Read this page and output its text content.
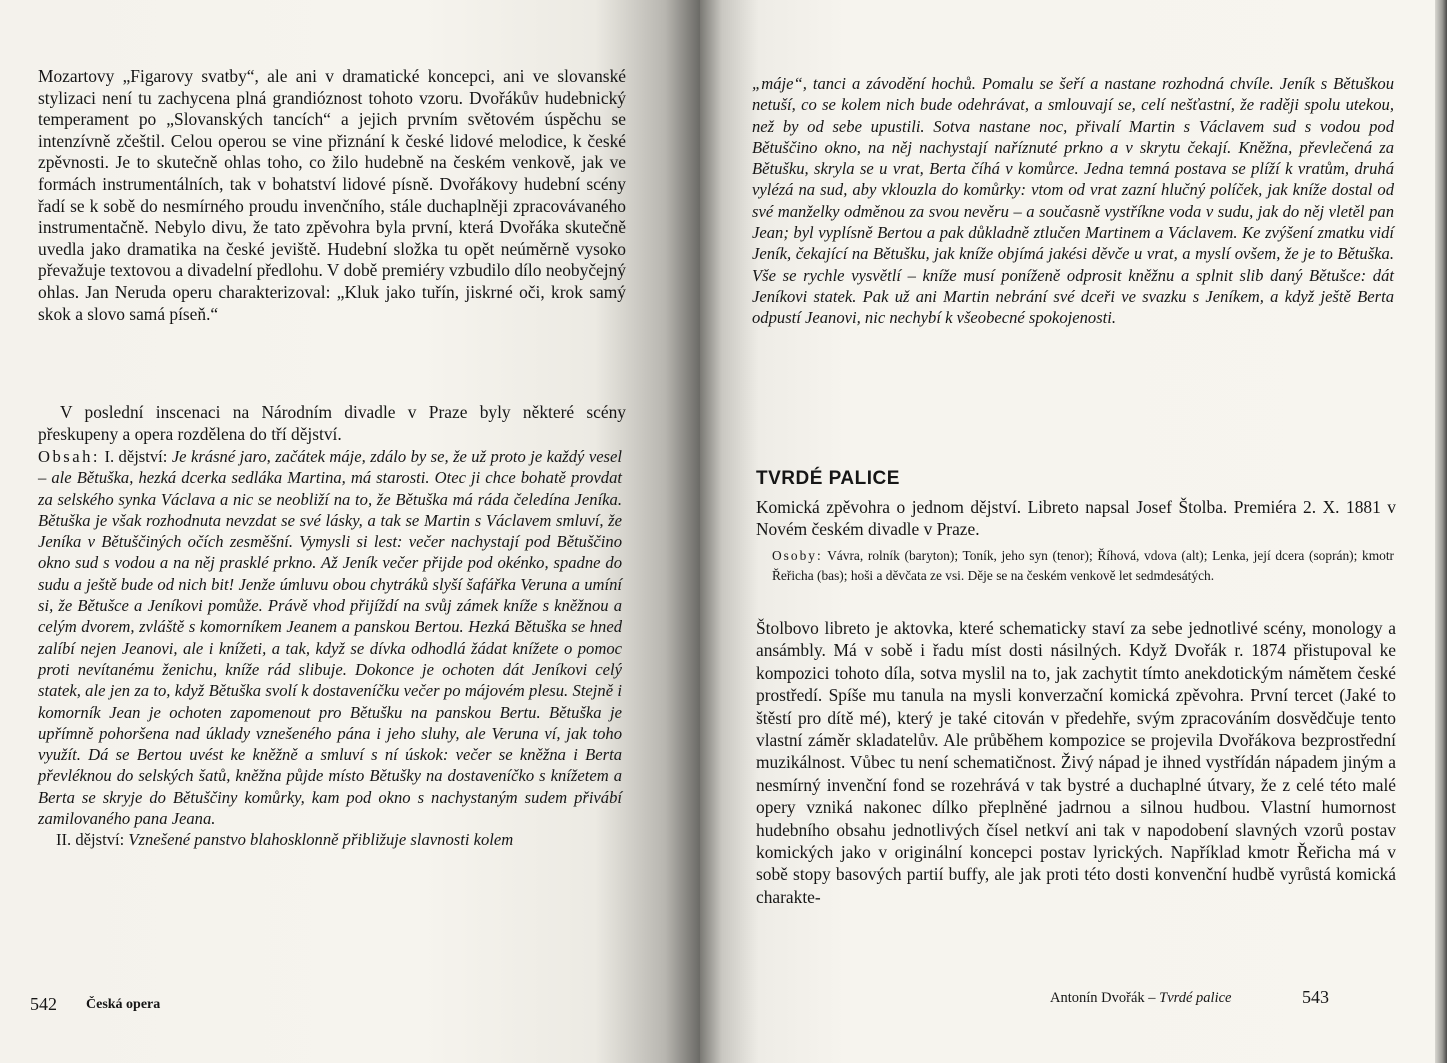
Mozartovy „Figarovy svatby“, ale ani v dramatické koncepci, ani ve slovanské stylizaci není tu zachycena plná grandióznost tohoto vzoru. Dvořákův hudebnický temperament po „Slovanských tancích“ a jejich prvním světovém úspěchu se intenzívně zčeštil. Celou operou se vine přiznání k české lidové melodice, k české zpěvnosti. Je to skutečně ohlas toho, co žilo hudebně na českém venkově, jak ve formách instrumentálních, tak v bohatství lidové písně. Dvořákovy hudební scény řadí se k sobě do nesmírného proudu invenčního, stále duchaplněji zpracovávaného instrumentačně. Nebylo divu, že tato zpěvohra byla první, která Dvořáka skutečně uvedla jako dramatika na české jeviště. Hudební složka tu opět neúměrně vysoko převažuje textovou a divadelní předlohu. V době premiéry vzbudilo dílo neobyčejný ohlas. Jan Neruda operu charakterizoval: „Kluk jako tuřín, jiskrné oči, krok samý skok a slovo samá píseň.“

V poslední inscenaci na Národním divadle v Praze byly některé scény přeskupeny a opera rozdělena do tří dějství.

Obsah: I. dějství: Je krásné jaro, začátek máje, zdálo by se, že už proto je každý vesel – ale Bětuška, hezká dcerka sedláka Martina, má starosti. Otec ji chce bohatě provdat za selského synka Václava a nic se neobliží na to, že Bětuška má ráda čeledína Jeníka. Bětuška je však rozhodnuta nevzdat se své lásky, a tak se Martin s Václavem smluví, že Jeníka v Bětuščiných očích zesměšní. Vymysli si lest: večer nachystají pod Bětuščino okno sud s vodou a na něj prasklé prkno. Až Jeník večer přijde pod okénko, spadne do sudu a ještě bude od nich bit! Jenže úmluvu obou chytráků slyší šafářka Veruna a umíní si, že Bětušce a Jeníkovi pomůže. Právě vhod přijíždí na svůj zámek kníže s kněžnou a celým dvorem, zvláště s komorníkem Jeanem a panskou Bertou. Hezká Bětuška se hned zalíbí nejen Jeanovi, ale i knížeti, a tak, když se dívka odhodlá žádat knížete o pomoc proti nevítanému ženichu, kníže rád slibuje. Dokonce je ochoten dát Jeníkovi celý statek, ale jen za to, když Bětuška svolí k dostaveníčku večer po májovém plesu. Stejně i komorník Jean je ochoten zapomenout pro Bětušku na panskou Bertu. Bětuška je upřímně pohoršena nad úklady vznešeného pána i jeho sluhy, ale Veruna ví, jak toho využít. Dá se Bertou uvést ke kněžně a smluví s ní úskok: večer se kněžna i Berta převléknou do selských šatů, kněžna půjde místo Bětušky na dostaveníčko s knížetem a Berta se skryje do Bětuščiny komůrky, kam pod okno s nachystaným sudem přivábí zamilovaného pana Jeana.
II. dějství: Vznešené panstvo blahosklonně přibližuje slavnosti kolem

542 Česká opera

„máje“, tanci a závodění hochů. Pomalu se šeří a nastane rozhodná chvíle. Jeník s Bětuškou netuší, co se kolem nich bude odehrávat, a smlouvají se, celí nešťastní, že raději spolu utekou, než by od sebe upustili. Sotva nastane noc, přivalí Martin s Václavem sud s vodou pod Bětuščino okno, na něj nachystají naříznuté prkno a v skrytu čekají. Kněžna, převlečená za Bětušku, skryla se u vrat, Berta číhá v komůrce. Jedna temná postava se plíží k vratům, druhá vylézá na sud, aby vklouzla do komůrky: vtom od vrat zazní hlučný políček, jak kníže dostal od své manželky odměnou za svou nevěru – a současně vystříkne voda v sudu, jak do něj vletěl pan Jean; byl vyplísně Bertou a pak důkladně ztlučen Martinem a Václavem. Ke zvýšení zmatku vidí Jeník, čekající na Bětušku, jak kníže objímá jakési děvče u vrat, a myslí ovšem, že je to Bětuška. Vše se rychle vysvětlí – kníže musí poníženě odprosit kněžnu a splnit slib daný Bětušce: dát Jeníkovi statek. Pak už ani Martin nebrání své dceři ve svazku s Jeníkem, a když ještě Berta odpustí Jeanovi, nic nechybí k všeobecné spokojenosti.

TVRDÉ PALICE

Komická zpěvohra o jednom dějství. Libreto napsal Josef Štolba. Premiéra 2. X. 1881 v Novém českém divadle v Praze.

Osoby: Vávra, rolník (baryton); Toník, jeho syn (tenor); Říhová, vdova (alt); Lenka, její dcera (soprán); kmotr Řeřicha (bas); hoši a děvčata ze vsi. Děje se na českém venkově let sedmdesátých.

Štolbovo libreto je aktovka, které schematicky staví za sebe jednotlivé scény, monology a ansámbly. Má v sobě i řadu míst dosti násilných. Když Dvořák r. 1874 přistupoval ke kompozici tohoto díla, sotva myslil na to, jak zachytit tímto anekdotickým námětem české prostředí. Spíše mu tanula na mysli konverzační komická zpěvohra. První tercet (Jaké to štěstí pro dítě mé), který je také citován v předehře, svým zpracováním dosvědčuje tento vlastní záměr skladatelův. Ale průběhem kompozice se projevila Dvořákova bezprostřední muzikálnost. Vůbec tu není schematičnost. Živý nápad je ihned vystřídán nápadem jiným a nesmírný invenční fond se rozehrává v tak bystré a duchaplné útvary, že z celé této malé opery vzniká nakonec dílko přeplněné jadrnou a silnou hudbou. Vlastní humornost hudebního obsahu jednotlivých čísel netkví ani tak v napodobení slavných vzorů postav komických jako v originální koncepci postav lyrických. Například kmotr Řeřicha má v sobě stopy basových partií buffy, ale jak proti této dosti konvenční hudbě vyrůstá komická charakte-

Antonín Dvořák – Tvrdé palice	543
